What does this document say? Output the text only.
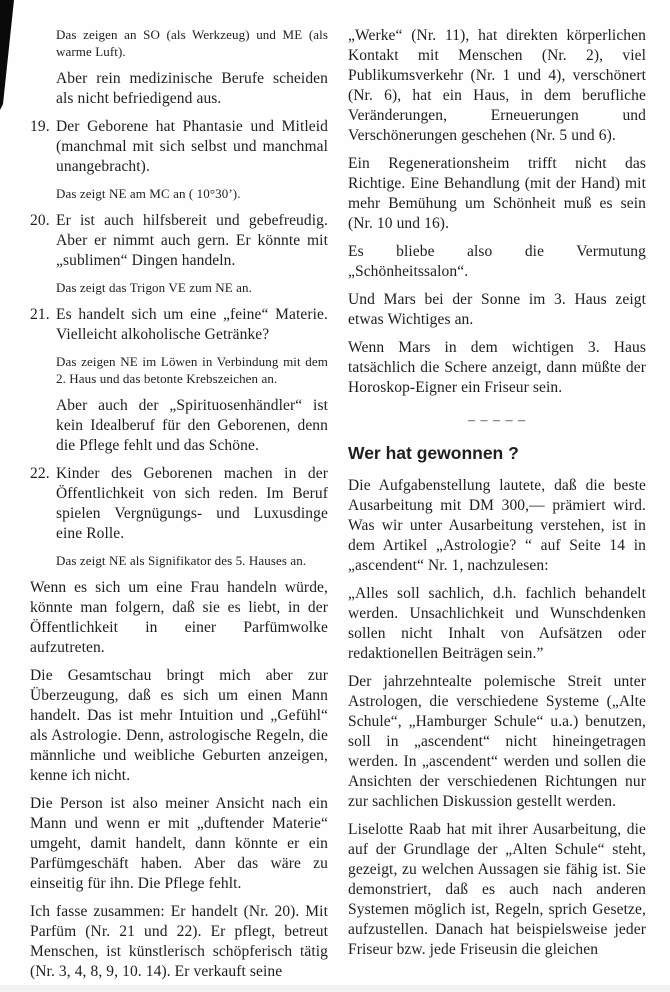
Das zeigen an SO (als Werkzeug) und ME (als warme Luft).
Aber rein medizinische Berufe scheiden als nicht befriedigend aus.
19. Der Geborene hat Phantasie und Mitleid (manchmal mit sich selbst und manchmal unangebracht).
Das zeigt NE am MC an ( 10°30’).
20. Er ist auch hilfsbereit und gebefreudig. Aber er nimmt auch gern. Er könnte mit „sublimen“ Dingen handeln.
Das zeigt das Trigon VE zum NE an.
21. Es handelt sich um eine „feine“ Materie. Vielleicht alkoholische Getränke?
Das zeigen NE im Löwen in Verbindung mit dem 2. Haus und das betonte Krebszeichen an.
Aber auch der „Spirituosenhändler“ ist kein Idealberuf für den Geborenen, denn die Pflege fehlt und das Schöne.
22. Kinder des Geborenen machen in der Öffentlichkeit von sich reden. Im Beruf spielen Vergnügungs- und Luxusdinge eine Rolle.
Das zeigt NE als Signifikator des 5. Hauses an.
Wenn es sich um eine Frau handeln würde, könnte man folgern, daß sie es liebt, in der Öffentlichkeit in einer Parfümwolke aufzutreten.
Die Gesamtschau bringt mich aber zur Überzeugung, daß es sich um einen Mann handelt. Das ist mehr Intuition und „Gefühl“ als Astrologie. Denn, astrologische Regeln, die männliche und weibliche Geburten anzeigen, kenne ich nicht.
Die Person ist also meiner Ansicht nach ein Mann und wenn er mit „duftender Materie“ umgeht, damit handelt, dann könnte er ein Parfümgeschäft haben. Aber das wäre zu einseitig für ihn. Die Pflege fehlt.
Ich fasse zusammen: Er handelt (Nr. 20). Mit Parfüm (Nr. 21 und 22). Er pflegt, betreut Menschen, ist künstlerisch schöpferisch tätig (Nr. 3, 4, 8, 9, 10. 14). Er verkauft seine
„Werke“ (Nr. 11), hat direkten körperlichen Kontakt mit Menschen (Nr. 2), viel Publikumsverkehr (Nr. 1 und 4), verschönert (Nr. 6), hat ein Haus, in dem berufliche Veränderungen, Erneuerungen und Verschönerungen geschehen (Nr. 5 und 6).
Ein Regenerationsheim trifft nicht das Richtige. Eine Behandlung (mit der Hand) mit mehr Bemühung um Schönheit muß es sein (Nr. 10 und 16).
Es bliebe also die Vermutung „Schönheitssalon“.
Und Mars bei der Sonne im 3. Haus zeigt etwas Wichtiges an.
Wenn Mars in dem wichtigen 3. Haus tatsächlich die Schere anzeigt, dann müßte der Horoskop-Eigner ein Friseur sein.
– – – – –
Wer hat gewonnen ?
Die Aufgabenstellung lautete, daß die beste Ausarbeitung mit DM 300,— prämiert wird. Was wir unter Ausarbeitung verstehen, ist in dem Artikel „Astrologie? “ auf Seite 14 in „ascendent“ Nr. 1, nachzulesen:
„Alles soll sachlich, d.h. fachlich behandelt werden. Unsachlichkeit und Wunschdenken sollen nicht Inhalt von Aufsätzen oder redaktionellen Beiträgen sein.”
Der jahrzehntealte polemische Streit unter Astrologen, die verschiedene Systeme („Alte Schule“, „Hamburger Schule“ u.a.) benutzen, soll in „ascendent“ nicht hineingetragen werden. In „ascendent“ werden und sollen die Ansichten der verschiedenen Richtungen nur zur sachlichen Diskussion gestellt werden.
Liselotte Raab hat mit ihrer Ausarbeitung, die auf der Grundlage der „Alten Schule“ steht, gezeigt, zu welchen Aussagen sie fähig ist. Sie demonstriert, daß es auch nach anderen Systemen möglich ist, Regeln, sprich Gesetze, aufzustellen. Danach hat beispielsweise jeder Friseur bzw. jede Friseusin die gleichen
